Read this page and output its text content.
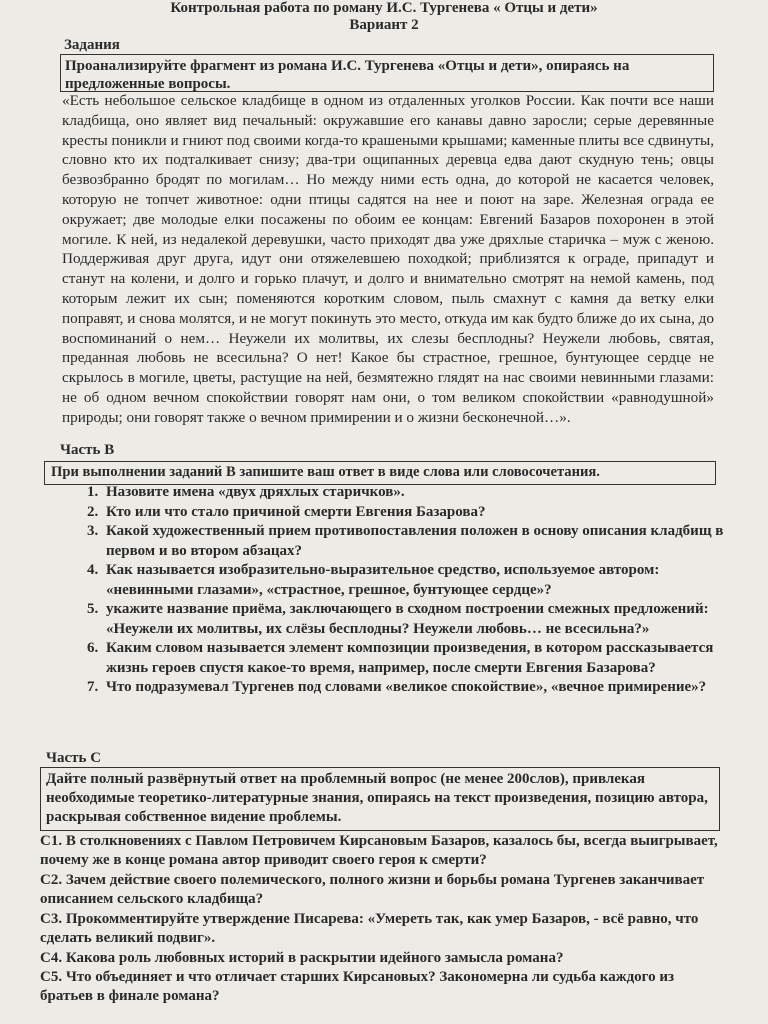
Контрольная работа по роману И.С. Тургенева « Отцы и дети»
Вариант 2
Задания
Проанализируйте фрагмент из романа И.С. Тургенева «Отцы и дети», опираясь на предложенные вопросы.
«Есть небольшое сельское кладбище в одном из отдаленных уголков России. Как почти все наши кладбища, оно являет вид печальный: окружавшие его канавы давно заросли; серые деревянные кресты поникли и гниют под своими когда-то крашеными крышами; каменные плиты все сдвинуты, словно кто их подталкивает снизу; два-три ощипанных деревца едва дают скудную тень; овцы безвозбранно бродят по могилам… Но между ними есть одна, до которой не касается человек, которую не топчет животное: одни птицы садятся на нее и поют на заре. Железная ограда ее окружает; две молодые елки посажены по обоим ее концам: Евгений Базаров похоронен в этой могиле. К ней, из недалекой деревушки, часто приходят два уже дряхлые старичка – муж с женою. Поддерживая друг друга, идут они отяжелевшею походкой; приблизятся к ограде, припадут и станут на колени, и долго и горько плачут, и долго и внимательно смотрят на немой камень, под которым лежит их сын; поменяются коротким словом, пыль смахнут с камня да ветку елки поправят, и снова молятся, и не могут покинуть это место, откуда им как будто ближе до их сына, до воспоминаний о нем… Неужели их молитвы, их слезы бесплодны? Неужели любовь, святая, преданная любовь не всесильна? О нет! Какое бы страстное, грешное, бунтующее сердце не скрылось в могиле, цветы, растущие на ней, безмятежно глядят на нас своими невинными глазами: не об одном вечном спокойствии говорят нам они, о том великом спокойствии «равнодушной» природы; они говорят также о вечном примирении и о жизни бесконечной…».
Часть В
При выполнении заданий В запишите ваш ответ в виде слова или словосочетания.
1. Назовите имена «двух дряхлых старичков».
2. Кто или что стало причиной смерти Евгения Базарова?
3. Какой художественный прием противопоставления положен в основу описания кладбищ в первом и во втором абзацах?
4. Как называется изобразительно-выразительное средство, используемое автором: «невинными глазами», «страстное, грешное, бунтующее сердце»?
5. укажите название приёма, заключающего в сходном построении смежных предложений: «Неужели их молитвы, их слёзы бесплодны? Неужели любовь… не всесильна?»
6. Каким словом называется элемент композиции произведения, в котором рассказывается жизнь героев спустя какое-то время, например, после смерти Евгения Базарова?
7. Что подразумевал Тургенев под словами «великое спокойствие», «вечное примирение»?
Часть С
Дайте полный развёрнутый ответ на проблемный вопрос (не менее 200слов), привлекая необходимые теоретико-литературные знания, опираясь на текст произведения, позицию автора, раскрывая собственное видение проблемы.
С1. В столкновениях с Павлом Петровичем Кирсановым Базаров, казалось бы, всегда выигрывает, почему же в конце романа автор приводит своего героя к смерти?
С2. Зачем действие своего полемического, полного жизни и борьбы романа Тургенев заканчивает описанием сельского кладбища?
С3. Прокомментируйте утверждение Писарева: «Умереть так, как умер Базаров, - всё равно, что сделать великий подвиг».
С4. Какова роль любовных историй в раскрытии идейного замысла романа?
С5. Что объединяет и что отличает старших Кирсановых? Закономерна ли судьба каждого из братьев в финале романа?
